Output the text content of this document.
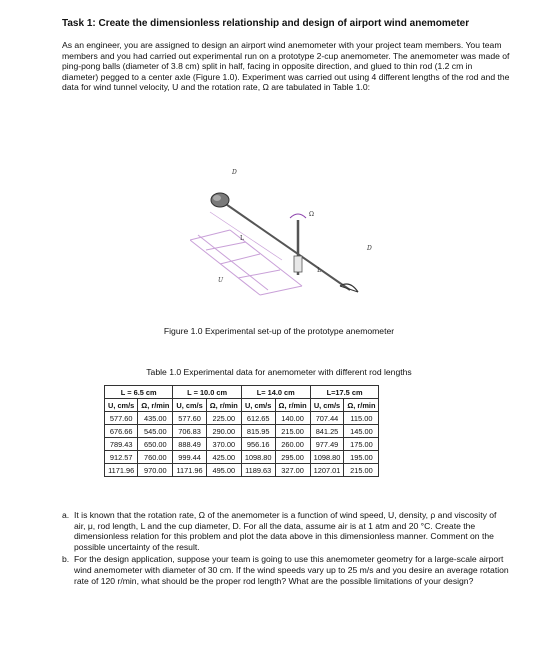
Task 1: Create the dimensionless relationship and design of airport wind anemometer

As an engineer, you are assigned to design an airport wind anemometer with your project team members. You team members and you had carried out experimental run on a prototype 2-cup anemometer. The anemometer was made of ping-pong balls (diameter of 3.8 cm) split in half, facing in opposite direction, and glued to thin rod (1.2 cm in diameter) pegged to a center axle (Figure 1.0). Experiment was carried out using 4 different lengths of the rod and the data for wind tunnel velocity, U and the rotation rate, Ω are tabulated in Table 1.0:

D
L
Ω
D
L
U
Figure 1.0 Experimental set-up of the prototype anemometer
Table 1.0 Experimental data for anemometer with different rod lengths
L = 6.5 cm		L = 10.0 cm		L= 14.0 cm		L=17.5 cm	
U, cm/s	Ω, r/min	U, cm/s	Ω, r/min	U, cm/s	Ω, r/min	U, cm/s	Ω, r/min
577.60	435.00	577.60	225.00	612.65	140.00	707.44	115.00
676.66	545.00	706.83	290.00	815.95	215.00	841.25	145.00
789.43	650.00	888.49	370.00	956.16	260.00	977.49	175.00
912.57	760.00	999.44	425.00	1098.80	295.00	1098.80	195.00
1171.96	970.00	1171.96	495.00	1189.63	327.00	1207.01	215.00

a. It is known that the rotation rate, Ω of the anemometer is a function of wind speed, U, density, ρ and viscosity of air, μ, rod length, L and the cup diameter, D. For all the data, assume air is at 1 atm and 20 °C. Create the dimensionless relation for this problem and plot the data above in this dimensionless manner. Comment on the possible uncertainty of the result.

b. For the design application, suppose your team is going to use this anemometer geometry for a large-scale airport wind anemometer with diameter of 30 cm. If the wind speeds vary up to 25 m/s and you desire an average rotation rate of 120 r/min, what should be the proper rod length? What are the possible limitations of your design?
